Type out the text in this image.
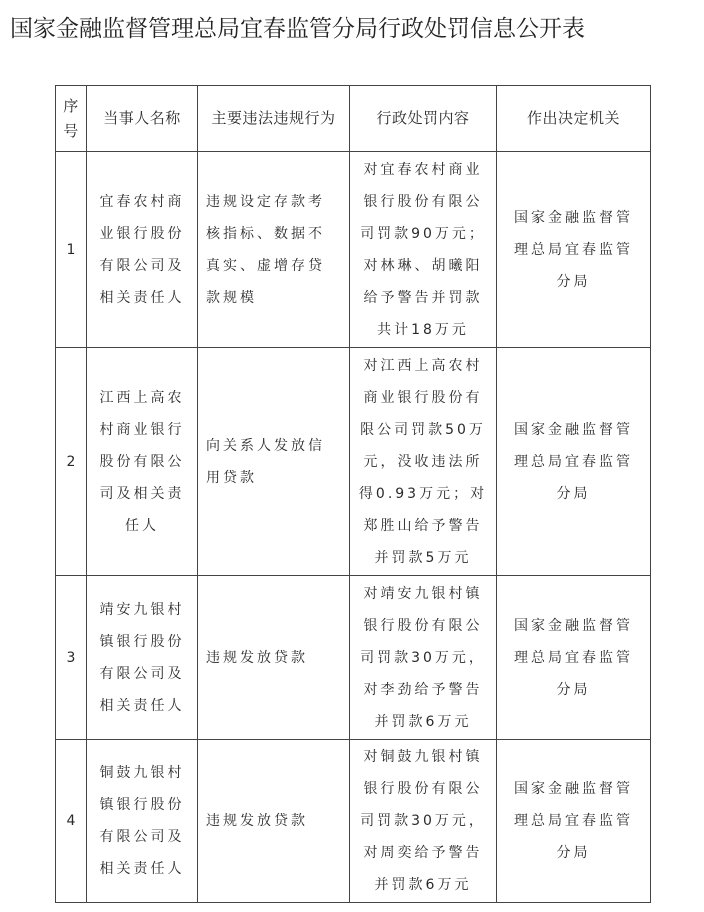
国家金融监督管理总局宜春监管分局行政处罚信息公开表
序号	当事人名称	主要违法违规行为	行政处罚内容	作出决定机关
1	宜春农村商业银行股份有限公司及相关责任人	违规设定存款考核指标、数据不真实、虚增存贷款规模	对宜春农村商业银行股份有限公司罚款90万元；对林琳、胡曦阳给予警告并罚款共计18万元	国家金融监督管理总局宜春监管分局
2	江西上高农村商业银行股份有限公司及相关责任人	向关系人发放信用贷款	对江西上高农村商业银行股份有限公司罚款50万元，没收违法所得0.93万元；对郑胜山给予警告并罚款5万元	国家金融监督管理总局宜春监管分局
3	靖安九银村镇银行股份有限公司及相关责任人	违规发放贷款	对靖安九银村镇银行股份有限公司罚款30万元，对李劲给予警告并罚款6万元	国家金融监督管理总局宜春监管分局
4	铜鼓九银村镇银行股份有限公司及相关责任人	违规发放贷款	对铜鼓九银村镇银行股份有限公司罚款30万元，对周奕给予警告并罚款6万元	国家金融监督管理总局宜春监管分局
